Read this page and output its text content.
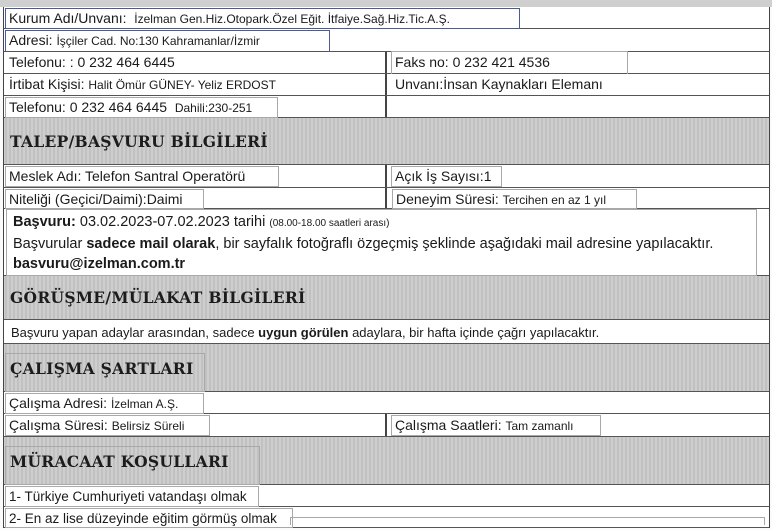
Kurum Adı/Unvanı: İzelman Gen.Hiz.Otopark.Özel Eğit. İtfaiye.Sağ.Hiz.Tic.A.Ş.
Adresi: İşçiler Cad. No:130 Kahramanlar/İzmir
Telefonu: : 0 232 464 6445	Faks no: 0 232 421 4536
İrtibat Kişisi: Halit Ömür GÜNEY- Yeliz ERDOST	Unvanı:İnsan Kaynakları Elemanı
Telefonu: 0 232 464 6445 Dahili:230-251
TALEP/BAŞVURU BİLGİLERİ
Meslek Adı: Telefon Santral Operatörü	Açık İş Sayısı:1
Niteliği (Geçici/Daimi):Daimi	Deneyim Süresi: Tercihen en az 1 yıl
Başvuru: 03.02.2023-07.02.2023 tarihi (08.00-18.00 saatleri arası)
Başvurular sadece mail olarak, bir sayfalık fotoğraflı özgeçmiş şeklinde aşağıdaki mail adresine yapılacaktır.
basvuru@izelman.com.tr
GÖRÜŞME/MÜLAKAT BİLGİLERİ
Başvuru yapan adaylar arasından, sadece uygun görülen adaylara, bir hafta içinde çağrı yapılacaktır.
ÇALIŞMA ŞARTLARI
Çalışma Adresi: İzelman A.Ş.
Çalışma Süresi: Belirsiz Süreli	Çalışma Saatleri: Tam zamanlı
MÜRACAAT KOŞULLARI
1- Türkiye Cumhuriyeti vatandaşı olmak
2- En az lise düzeyinde eğitim görmüş olmak
